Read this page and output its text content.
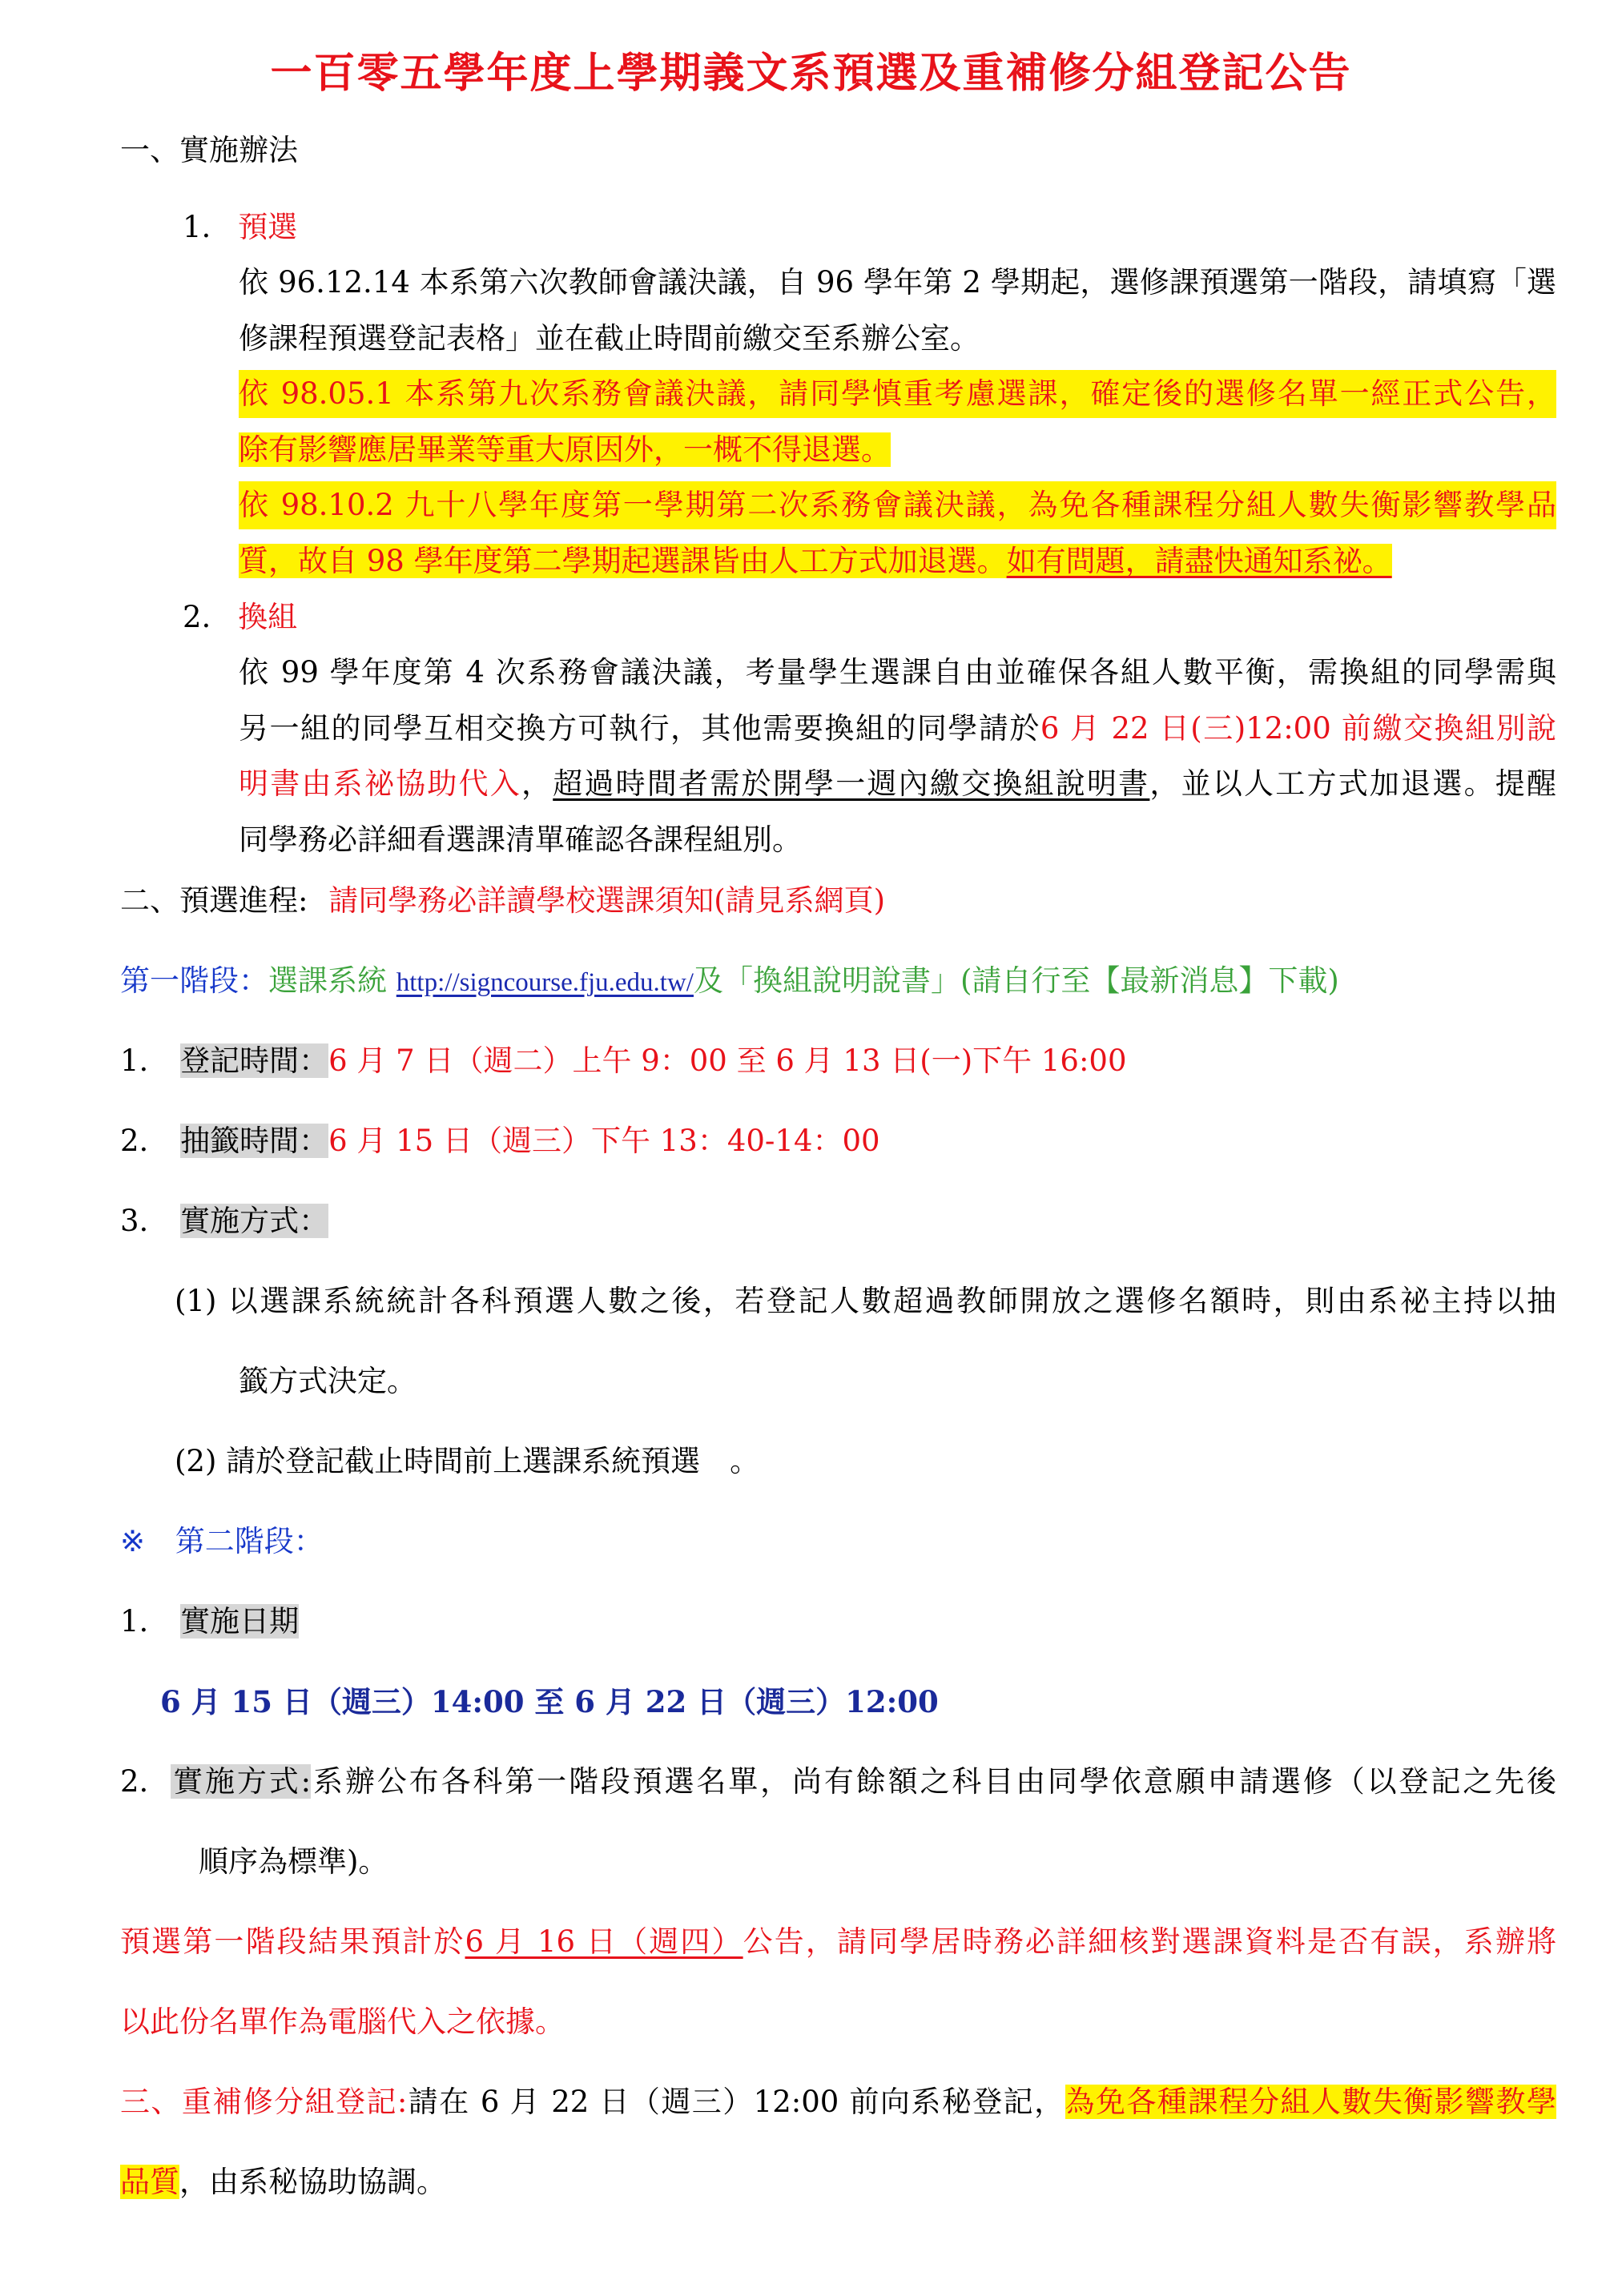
一百零五學年度上學期義文系預選及重補修分組登記公告
一、實施辦法
1. 預選
依 96.12.14 本系第六次教師會議決議，自 96 學年第 2 學期起，選修課預選第一階段，請填寫「選
修課程預選登記表格」並在截止時間前繳交至系辦公室。
依 98.05.1 本系第九次系務會議決議，請同學慎重考慮選課，確定後的選修名單一經正式公告，
除有影響應居畢業等重大原因外，一概不得退選。
依 98.10.2 九十八學年度第一學期第二次系務會議決議，為免各種課程分組人數失衡影響教學品
質，故自 98 學年度第二學期起選課皆由人工方式加退選。如有問題，請盡快通知系祕。
2. 換組
依 99 學年度第 4 次系務會議決議，考量學生選課自由並確保各組人數平衡，需換組的同學需與
另一組的同學互相交換方可執行，其他需要換組的同學請於6 月 22 日(三)12:00 前繳交換組別說
明書由系祕協助代入，超過時間者需於開學一週內繳交換組說明書，並以人工方式加退選。提醒
同學務必詳細看選課清單確認各課程組別。
二、預選進程: 請同學務必詳讀學校選課須知(請見系網頁)
第一階段：選課系統 http://signcourse.fju.edu.tw/及「換組說明說書」(請自行至【最新消息】下載)
1. 登記時間：6 月 7 日（週二）上午 9：00 至 6 月 13 日(一)下午 16:00
2. 抽籤時間：6 月 15 日（週三）下午 13：40-14：00
3. 實施方式：
(1) 以選課系統統計各科預選人數之後，若登記人數超過教師開放之選修名額時，則由系祕主持以抽
籤方式決定。
(2) 請於登記截止時間前上選課系統預選　。
※ 第二階段：
1. 實施日期
6 月 15 日（週三）14:00 至 6 月 22 日（週三）12:00
2. 實施方式:系辦公布各科第一階段預選名單，尚有餘額之科目由同學依意願申請選修（以登記之先後
順序為標準)。
預選第一階段結果預計於6 月 16 日（週四）公告，請同學居時務必詳細核對選課資料是否有誤，系辦將
以此份名單作為電腦代入之依據。
三、重補修分組登記:請在 6 月 22 日（週三）12:00 前向系秘登記，為免各種課程分組人數失衡影響教學
品質，由系秘協助協調。
